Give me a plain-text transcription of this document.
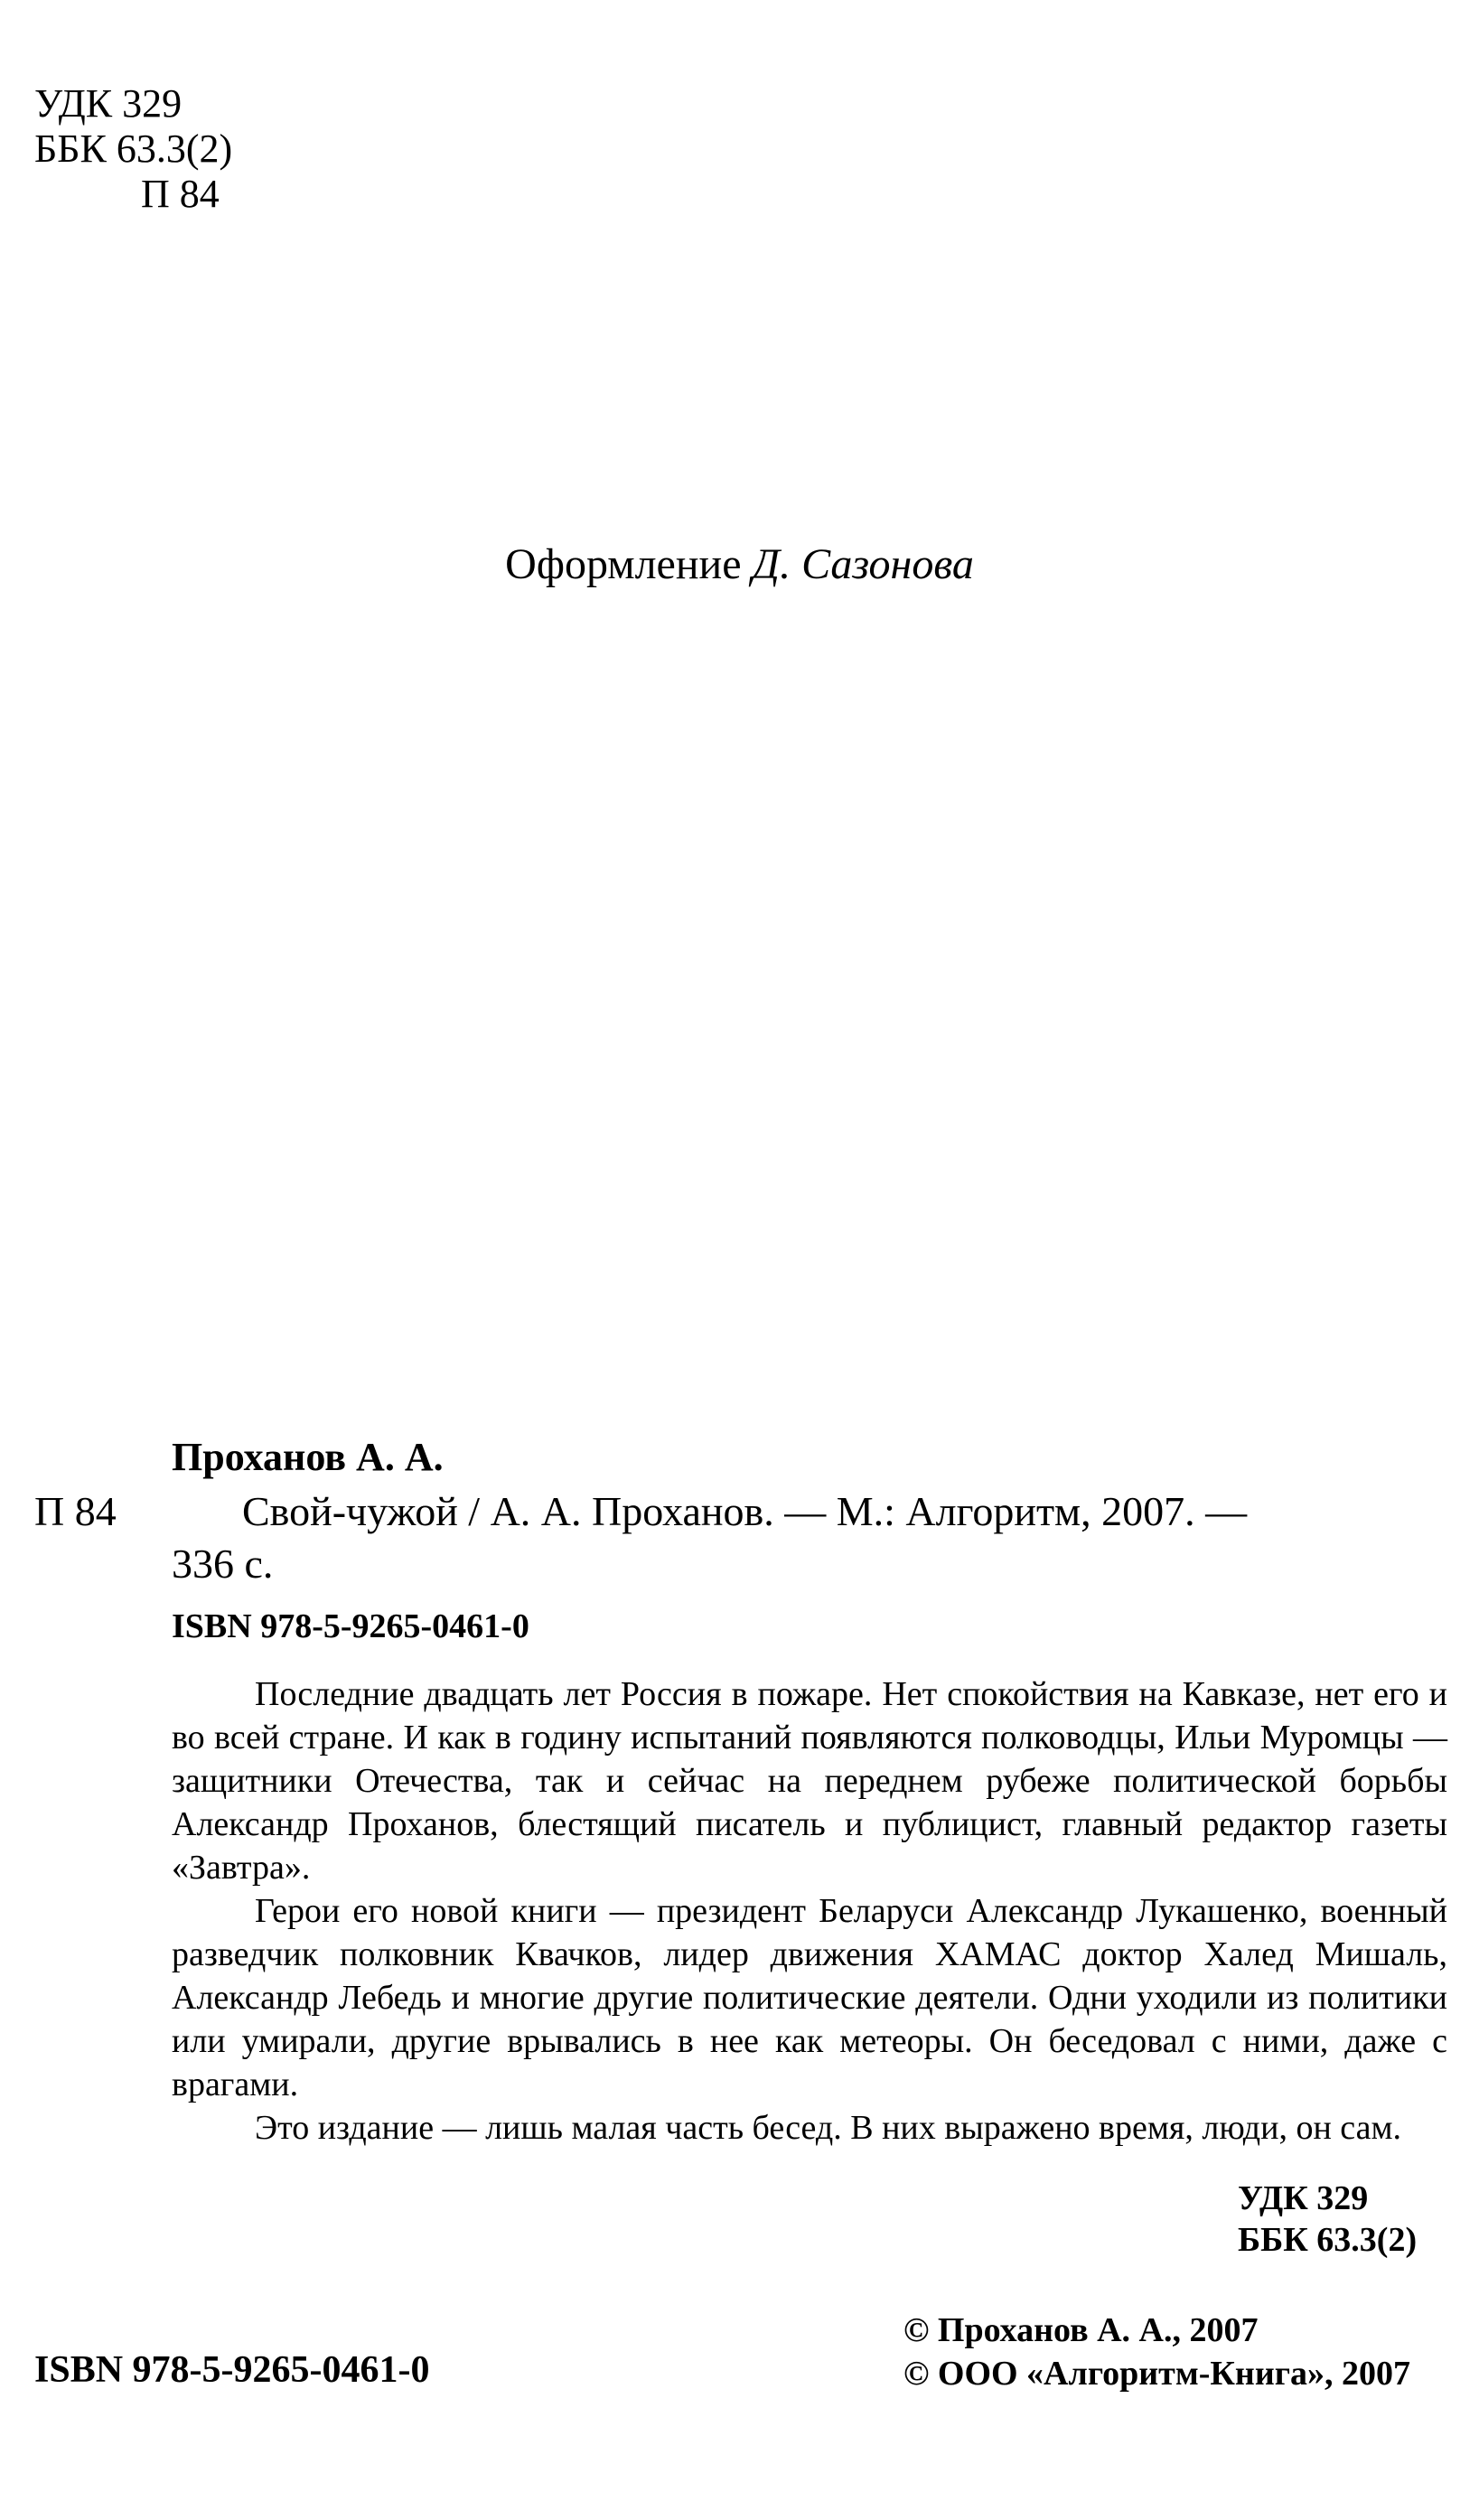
УДК 329
ББК 63.3(2)
П 84
Оформление Д. Сазонова
Проханов А. А.
П 84	Свой-чужой / А. А. Проханов. — М.: Алгоритм, 2007. —
336 с.
ISBN 978-5-9265-0461-0

Последние двадцать лет Россия в пожаре. Нет спокойствия на Кавказе, нет его и во всей стране. И как в годину испытаний появляются полководцы, Ильи Муромцы — защитники Отечества, так и сейчас на переднем рубеже политической борьбы Александр Проханов, блестящий писатель и публицист, главный редактор газеты «Завтра».

Герои его новой книги — президент Беларуси Александр Лукашенко, военный разведчик полковник Квачков, лидер движения ХАМАС доктор Халед Мишаль, Александр Лебедь и многие другие политические деятели. Одни уходили из политики или умирали, другие врывались в нее как метеоры. Он беседовал с ними, даже с врагами.

Это издание — лишь малая часть бесед. В них выражено время, люди, он сам.

УДК 329
ББК 63.3(2)
ISBN 978-5-9265-0461-0
© Проханов А. А., 2007
© ООО «Алгоритм-Книга», 2007
